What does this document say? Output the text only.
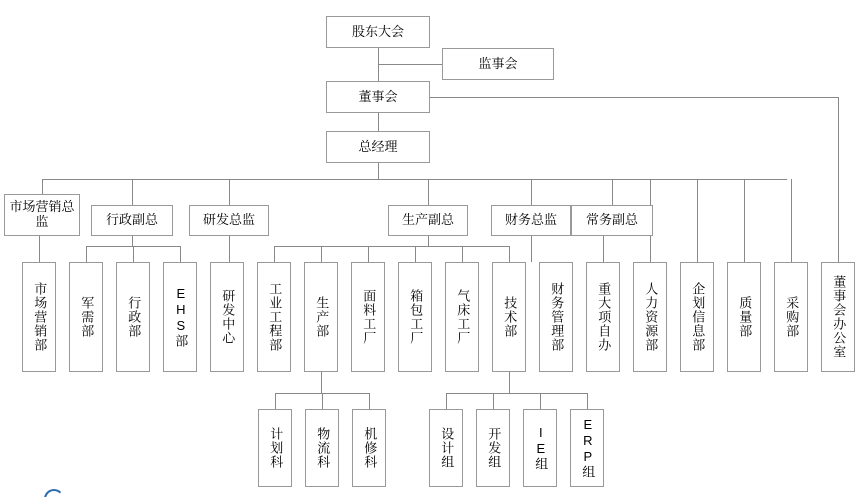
股东大会
监事会
董事会
总经理
市场营销总监	行政副总	研发总监	生产副总	财务总监	常务副总
市场营销部	军需部	行政部	EHS部	研发中心	工业工程部	生产部	面料工厂	箱包工厂	气床工厂	技术部	财务管理部	重大项自办	人力资源部	企划信息部	质量部	采购部	董事会办公室
计划科	物流科	机修科	设计组	开发组	IE组	ERP组
